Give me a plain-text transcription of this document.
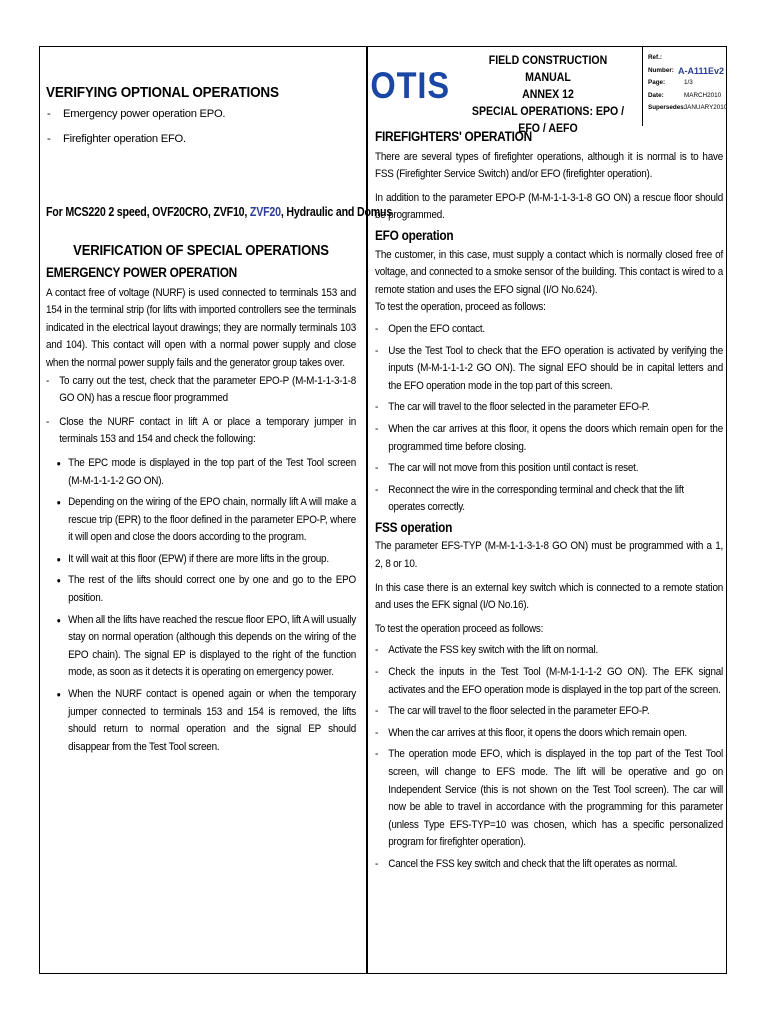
OTIS
FIELD CONSTRUCTION MANUAL
ANNEX 12
SPECIAL OPERATIONS: EPO / EFO / AEFO
Ref.:
Number: A-A111Ev2
Page:	1/3
Date:	MARCH2010
Supersedes:
JANUARY2010
VERIFYING OPTIONAL OPERATIONS

- Emergency power operation EPO.

- Firefighter operation EFO.

For MCS220 2 speed, OVF20CRO, ZVF10, ZVF20, Hydraulic and Domus

VERIFICATION OF SPECIAL OPERATIONS
EMERGENCY POWER OPERATION
A contact free of voltage (NURF) is used connected to terminals 153 and 154 in the terminal strip (for lifts with imported controllers see the terminals indicated in the electrical layout drawings; they are normally terminals 103 and 104). This contact will open with a normal power supply and close when the normal power supply fails and the generator group takes over.

- To carry out the test, check that the parameter EPO-P (M-M-1-1-3-1-8 GO ON) has a rescue floor programmed

- Close the NURF contact in lift A or place a temporary jumper in terminals 153 and 154 and check the following:

● The EPC mode is displayed in the top part of the Test Tool screen (M-M-1-1-1-2 GO ON).

● Depending on the wiring of the EPO chain, normally lift A will make a rescue trip (EPR) to the floor defined in the parameter EPO-P, where it will open and close the doors according to the program.

● It will wait at this floor (EPW) if there are more lifts in the group.

● The rest of the lifts should correct one by one and go to the EPO position.

● When all the lifts have reached the rescue floor EPO, lift A will usually stay on normal operation (although this depends on the wiring of the EPO chain). The signal EP is displayed to the right of the function mode, as soon as it detects it is operating on emergency power.

● When the NURF contact is opened again or when the temporary jumper connected to terminals 153 and 154 is removed, the lifts should return to normal operation and the signal EP should disappear from the Test Tool screen.

FIREFIGHTERS' OPERATION

There are several types of firefighter operations, although it is normal is to have FSS (Firefighter Service Switch) and/or EFO (firefighter operation).

In addition to the parameter EPO-P (M-M-1-1-3-1-8 GO ON) a rescue floor should be programmed.

EFO operation

The customer, in this case, must supply a contact which is normally closed free of voltage, and connected to a smoke sensor of the building. This contact is wired to a remote station and uses the EFO signal (I/O No.624).

To test the operation, proceed as follows:

- Open the EFO contact.

- Use the Test Tool to check that the EFO operation is activated by verifying the inputs (M-M-1-1-1-2 GO ON). The signal EFO should be in capital letters and the EFO operation mode in the top part of this screen.

- The car will travel to the floor selected in the parameter EFO-P.

- When the car arrives at this floor, it opens the doors which remain open for the programmed time before closing.

- The car will not move from this position until contact is reset.

- Reconnect the wire in the corresponding terminal and check that the lift operates correctly.

FSS operation

The parameter EFS-TYP (M-M-1-1-3-1-8 GO ON) must be programmed with a 1, 2, 8 or 10.

In this case there is an external key switch which is connected to a remote station and uses the EFK signal (I/O No.16).

To test the operation proceed as follows:

- Activate the FSS key switch with the lift on normal.

- Check the inputs in the Test Tool (M-M-1-1-1-2 GO ON). The EFK signal activates and the EFO operation mode is displayed in the top part of the screen.

- The car will travel to the floor selected in the parameter EFO-P.

- When the car arrives at this floor, it opens the doors which remain open.

- The operation mode EFO, which is displayed in the top part of the Test Tool screen, will change to EFS mode. The lift will be operative and go on Independent Service (this is not shown on the Test Tool screen). The car will now be able to travel in accordance with the programming for this parameter (unless Type EFS-TYP=10 was chosen, which has a specific personalized program for firefighter operation).

- Cancel the FSS key switch and check that the lift operates as normal.
